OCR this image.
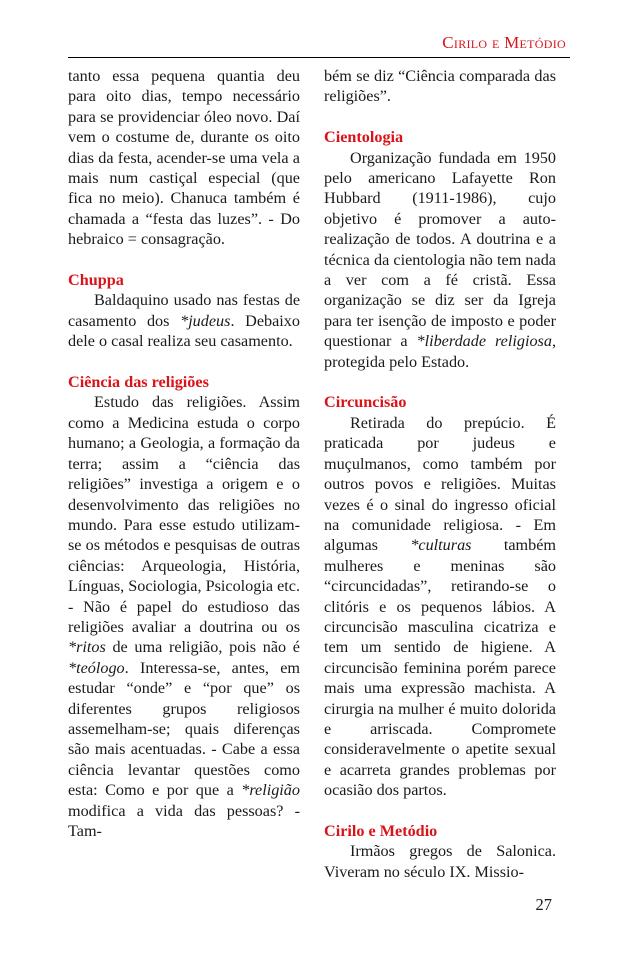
Cirilo e Metódio

tanto essa pequena quantia deu para oito dias, tempo necessário para se providenciar óleo novo. Daí vem o costume de, durante os oito dias da festa, acender-se uma vela a mais num castiçal especial (que fica no meio). Chanuca também é chamada a “festa das luzes”. - Do hebraico = consagração.

Chuppa

Baldaquino usado nas festas de casamento dos *judeus. Debaixo dele o casal realiza seu casamento.

Ciência das religiões

Estudo das religiões. Assim como a Medicina estuda o corpo humano; a Geologia, a formação da terra; assim a “ciência das religiões” investiga a origem e o desenvolvimento das religiões no mundo. Para esse estudo utilizam-se os métodos e pesquisas de outras ciências: Arqueologia, História, Línguas, Sociologia, Psicologia etc. - Não é papel do estudioso das religiões avaliar a doutrina ou os *ritos de uma religião, pois não é *teólogo. Interessa-se, antes, em estudar “onde” e “por que” os diferentes grupos religiosos assemelham-se; quais diferenças são mais acentuadas. - Cabe a essa ciência levantar questões como esta: Como e por que a *religião modifica a vida das pessoas? - Tam-

bém se diz “Ciência comparada das religiões”.

Cientologia

Organização fundada em 1950 pelo americano Lafayette Ron Hubbard (1911-1986), cujo objetivo é promover a auto-realização de todos. A doutrina e a técnica da cientologia não tem nada a ver com a fé cristã. Essa organização se diz ser da Igreja para ter isenção de imposto e poder questionar a *liberdade religiosa, protegida pelo Estado.

Circuncisão

Retirada do prepúcio. É praticada por judeus e muçulmanos, como também por outros povos e religiões. Muitas vezes é o sinal do ingresso oficial na comunidade religiosa. - Em algumas *culturas também mulheres e meninas são “circuncidadas”, retirando-se o clitóris e os pequenos lábios. A circuncisão masculina cicatriza e tem um sentido de higiene. A circuncisão feminina porém parece mais uma expressão machista. A cirurgia na mulher é muito dolorida e arriscada. Compromete consideravelmente o apetite sexual e acarreta grandes problemas por ocasião dos partos.

Cirilo e Metódio

Irmãos gregos de Salonica. Viveram no século IX. Missio-

27
